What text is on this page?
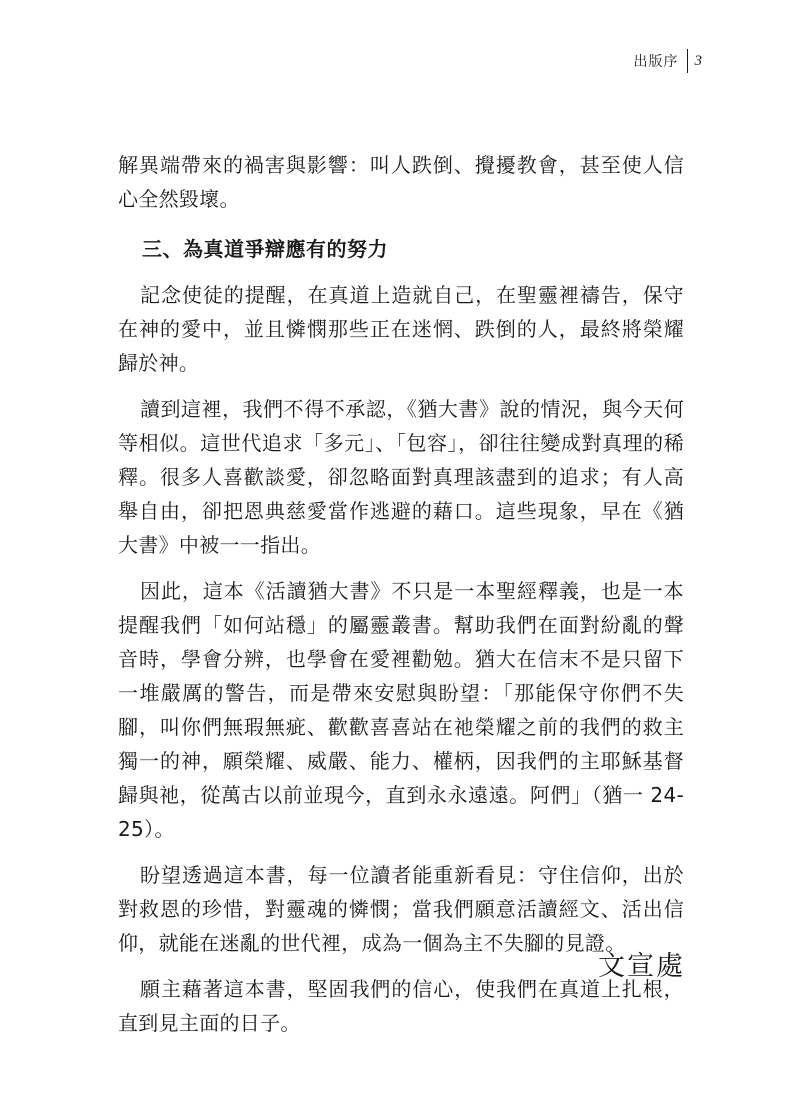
出版序	3

解異端帶來的禍害與影響：叫人跌倒、攪擾教會，甚至使人信心全然毀壞。

三、為真道爭辯應有的努力

記念使徒的提醒，在真道上造就自己，在聖靈裡禱告，保守在神的愛中，並且憐憫那些正在迷惘、跌倒的人，最終將榮耀歸於神。

讀到這裡，我們不得不承認，《猶大書》說的情況，與今天何等相似。這世代追求「多元」、「包容」，卻往往變成對真理的稀釋。很多人喜歡談愛，卻忽略面對真理該盡到的追求；有人高舉自由，卻把恩典慈愛當作逃避的藉口。這些現象，早在《猶大書》中被一一指出。

因此，這本《活讀猶大書》不只是一本聖經釋義，也是一本提醒我們「如何站穩」的屬靈叢書。幫助我們在面對紛亂的聲音時，學會分辨，也學會在愛裡勸勉。猶大在信末不是只留下一堆嚴厲的警告，而是帶來安慰與盼望：「那能保守你們不失腳，叫你們無瑕無疵、歡歡喜喜站在祂榮耀之前的我們的救主獨一的神，願榮耀、威嚴、能力、權柄，因我們的主耶穌基督歸與祂，從萬古以前並現今，直到永永遠遠。阿們」（猶一 24-25）。

盼望透過這本書，每一位讀者能重新看見：守住信仰，出於對救恩的珍惜，對靈魂的憐憫；當我們願意活讀經文、活出信仰，就能在迷亂的世代裡，成為一個為主不失腳的見證。

願主藉著這本書，堅固我們的信心，使我們在真道上扎根，直到見主面的日子。

文宣處
